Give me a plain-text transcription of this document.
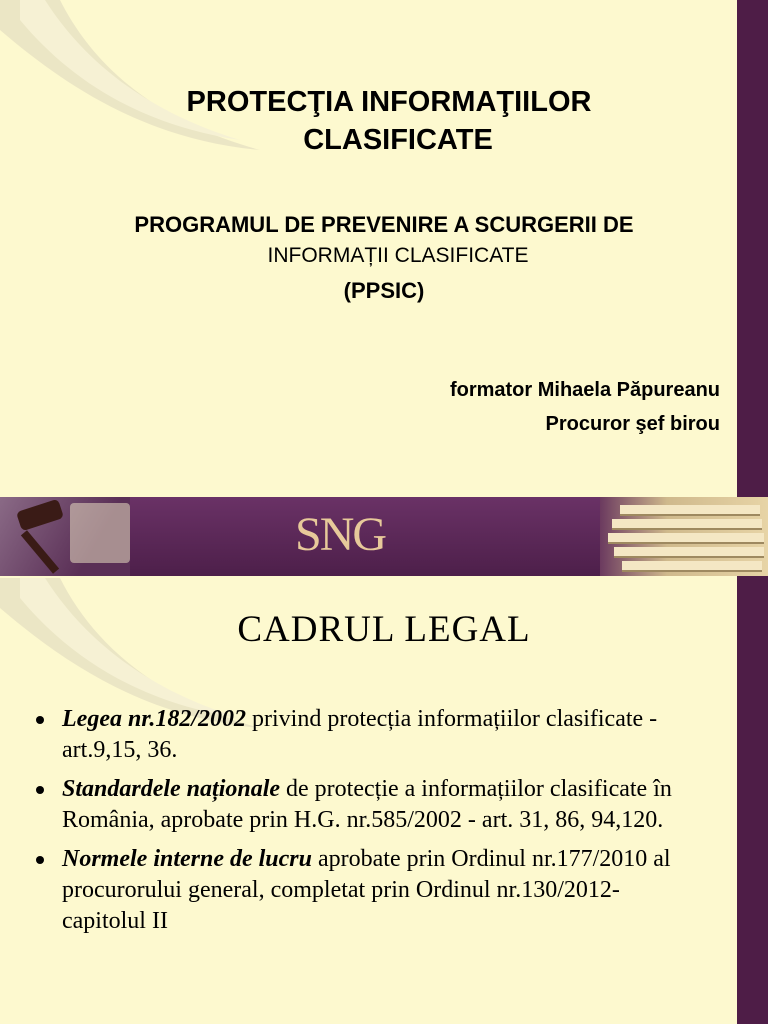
PROTECŢIA INFORMAŢIILOR
CLASIFICATE
PROGRAMUL DE PREVENIRE A SCURGERII DE
INFORMAȚII CLASIFICATE
(PPSIC)
formator Mihaela Păpureanu
Procuror şef birou
SNG
CADRUL LEGAL
Legea nr.182/2002 privind protecția informațiilor clasificate - art.9,15, 36.
Standardele naționale de protecție a informațiilor clasificate în România, aprobate prin H.G. nr.585/2002 - art. 31, 86, 94,120.
Normele interne de lucru aprobate prin Ordinul nr.177/2010 al procurorului general, completat prin Ordinul nr.130/2012- capitolul II
